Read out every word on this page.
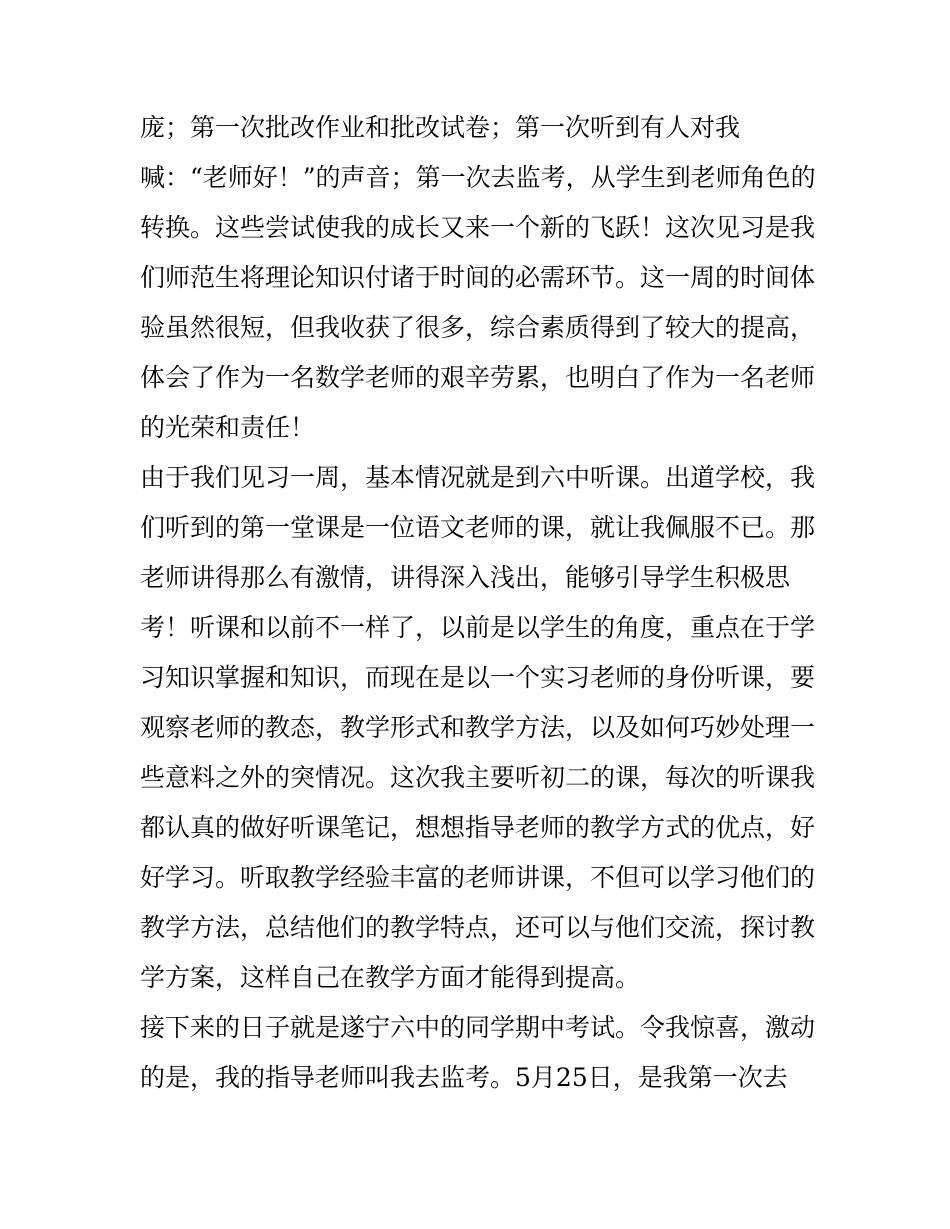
庞；第一次批改作业和批改试卷；第一次听到有人对我
喊：“老师好！”的声音；第一次去监考，从学生到老师角色的
转换。这些尝试使我的成长又来一个新的飞跃！这次见习是我
们师范生将理论知识付诸于时间的必需环节。这一周的时间体
验虽然很短，但我收获了很多，综合素质得到了较大的提高，
体会了作为一名数学老师的艰辛劳累，也明白了作为一名老师
的光荣和责任！
由于我们见习一周，基本情况就是到六中听课。出道学校，我
们听到的第一堂课是一位语文老师的课，就让我佩服不已。那
老师讲得那么有激情，讲得深入浅出，能够引导学生积极思
考！听课和以前不一样了，以前是以学生的角度，重点在于学
习知识掌握和知识，而现在是以一个实习老师的身份听课，要
观察老师的教态，教学形式和教学方法，以及如何巧妙处理一
些意料之外的突情况。这次我主要听初二的课，每次的听课我
都认真的做好听课笔记，想想指导老师的教学方式的优点，好
好学习。听取教学经验丰富的老师讲课，不但可以学习他们的
教学方法，总结他们的教学特点，还可以与他们交流，探讨教
学方案，这样自己在教学方面才能得到提高。
接下来的日子就是遂宁六中的同学期中考试。令我惊喜，激动
的是，我的指导老师叫我去监考。5月25日，是我第一次去
